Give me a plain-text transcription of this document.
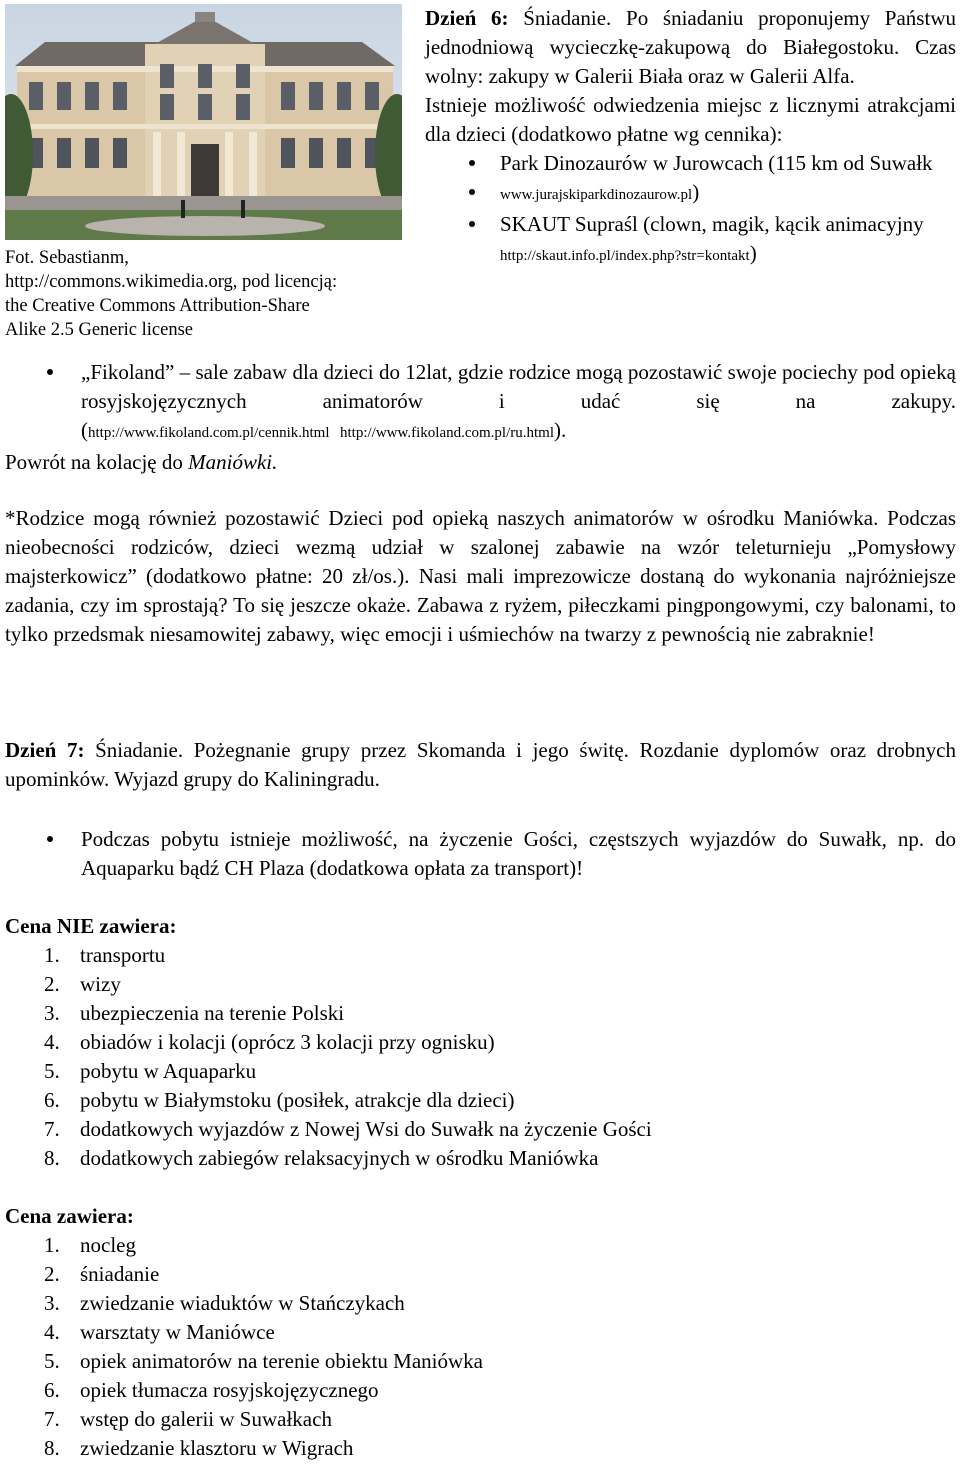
Fot. Sebastianm,
http://commons.wikimedia.org, pod licencją:
the Creative Commons Attribution-Share
Alike 2.5 Generic license

Dzień 6: Śniadanie. Po śniadaniu proponujemy Państwu jednodniową wycieczkę-zakupową do Białegostoku. Czas wolny: zakupy w Galerii Biała oraz w Galerii Alfa.

Istnieje możliwość odwiedzenia miejsc z licznymi atrakcjami dla dzieci (dodatkowo płatne wg cennika):

Park Dinozaurów w Jurowcach (115 km od Suwałk
www.jurajskiparkdinozaurow.pl)
SKAUT Supraśl (clown, magik, kącik animacyjny http://skaut.info.pl/index.php?str=kontakt)
„Fikoland” – sale zabaw dla dzieci do 12lat, gdzie rodzice mogą pozostawić swoje pociechy pod opieką rosyjskojęzycznych animatorów i udać się na zakupy. (http://www.fikoland.com.pl/cennik.html http://www.fikoland.com.pl/ru.html).
Powrót na kolację do Maniówki.

*Rodzice mogą również pozostawić Dzieci pod opieką naszych animatorów w ośrodku Maniówka. Podczas nieobecności rodziców, dzieci wezmą udział w szalonej zabawie na wzór teleturnieju „Pomysłowy majsterkowicz” (dodatkowo płatne: 20 zł/os.). Nasi mali imprezowicze dostaną do wykonania najróżniejsze zadania, czy im sprostają? To się jeszcze okaże. Zabawa z ryżem, piłeczkami pingpongowymi, czy balonami, to tylko przedsmak niesamowitej zabawy, więc emocji i uśmiechów na twarzy z pewnością nie zabraknie!

Dzień 7: Śniadanie. Pożegnanie grupy przez Skomanda i jego świtę. Rozdanie dyplomów oraz drobnych upominków. Wyjazd grupy do Kaliningradu.

Podczas pobytu istnieje możliwość, na życzenie Gości, częstszych wyjazdów do Suwałk, np. do Aquaparku bądź CH Plaza (dodatkowa opłata za transport)!
Cena NIE zawiera:
1. transportu
2. wizy
3. ubezpieczenia na terenie Polski
4. obiadów i kolacji (oprócz 3 kolacji przy ognisku)
5. pobytu w Aquaparku
6. pobytu w Białymstoku (posiłek, atrakcje dla dzieci)
7. dodatkowych wyjazdów z Nowej Wsi do Suwałk na życzenie Gości
8. dodatkowych zabiegów relaksacyjnych w ośrodku Maniówka
Cena zawiera:
1. nocleg
2. śniadanie
3. zwiedzanie wiaduktów w Stańczykach
4. warsztaty w Maniówce
5. opiek animatorów na terenie obiektu Maniówka
6. opiek tłumacza rosyjskojęzycznego
7. wstęp do galerii w Suwałkach
8. zwiedzanie klasztoru w Wigrach
